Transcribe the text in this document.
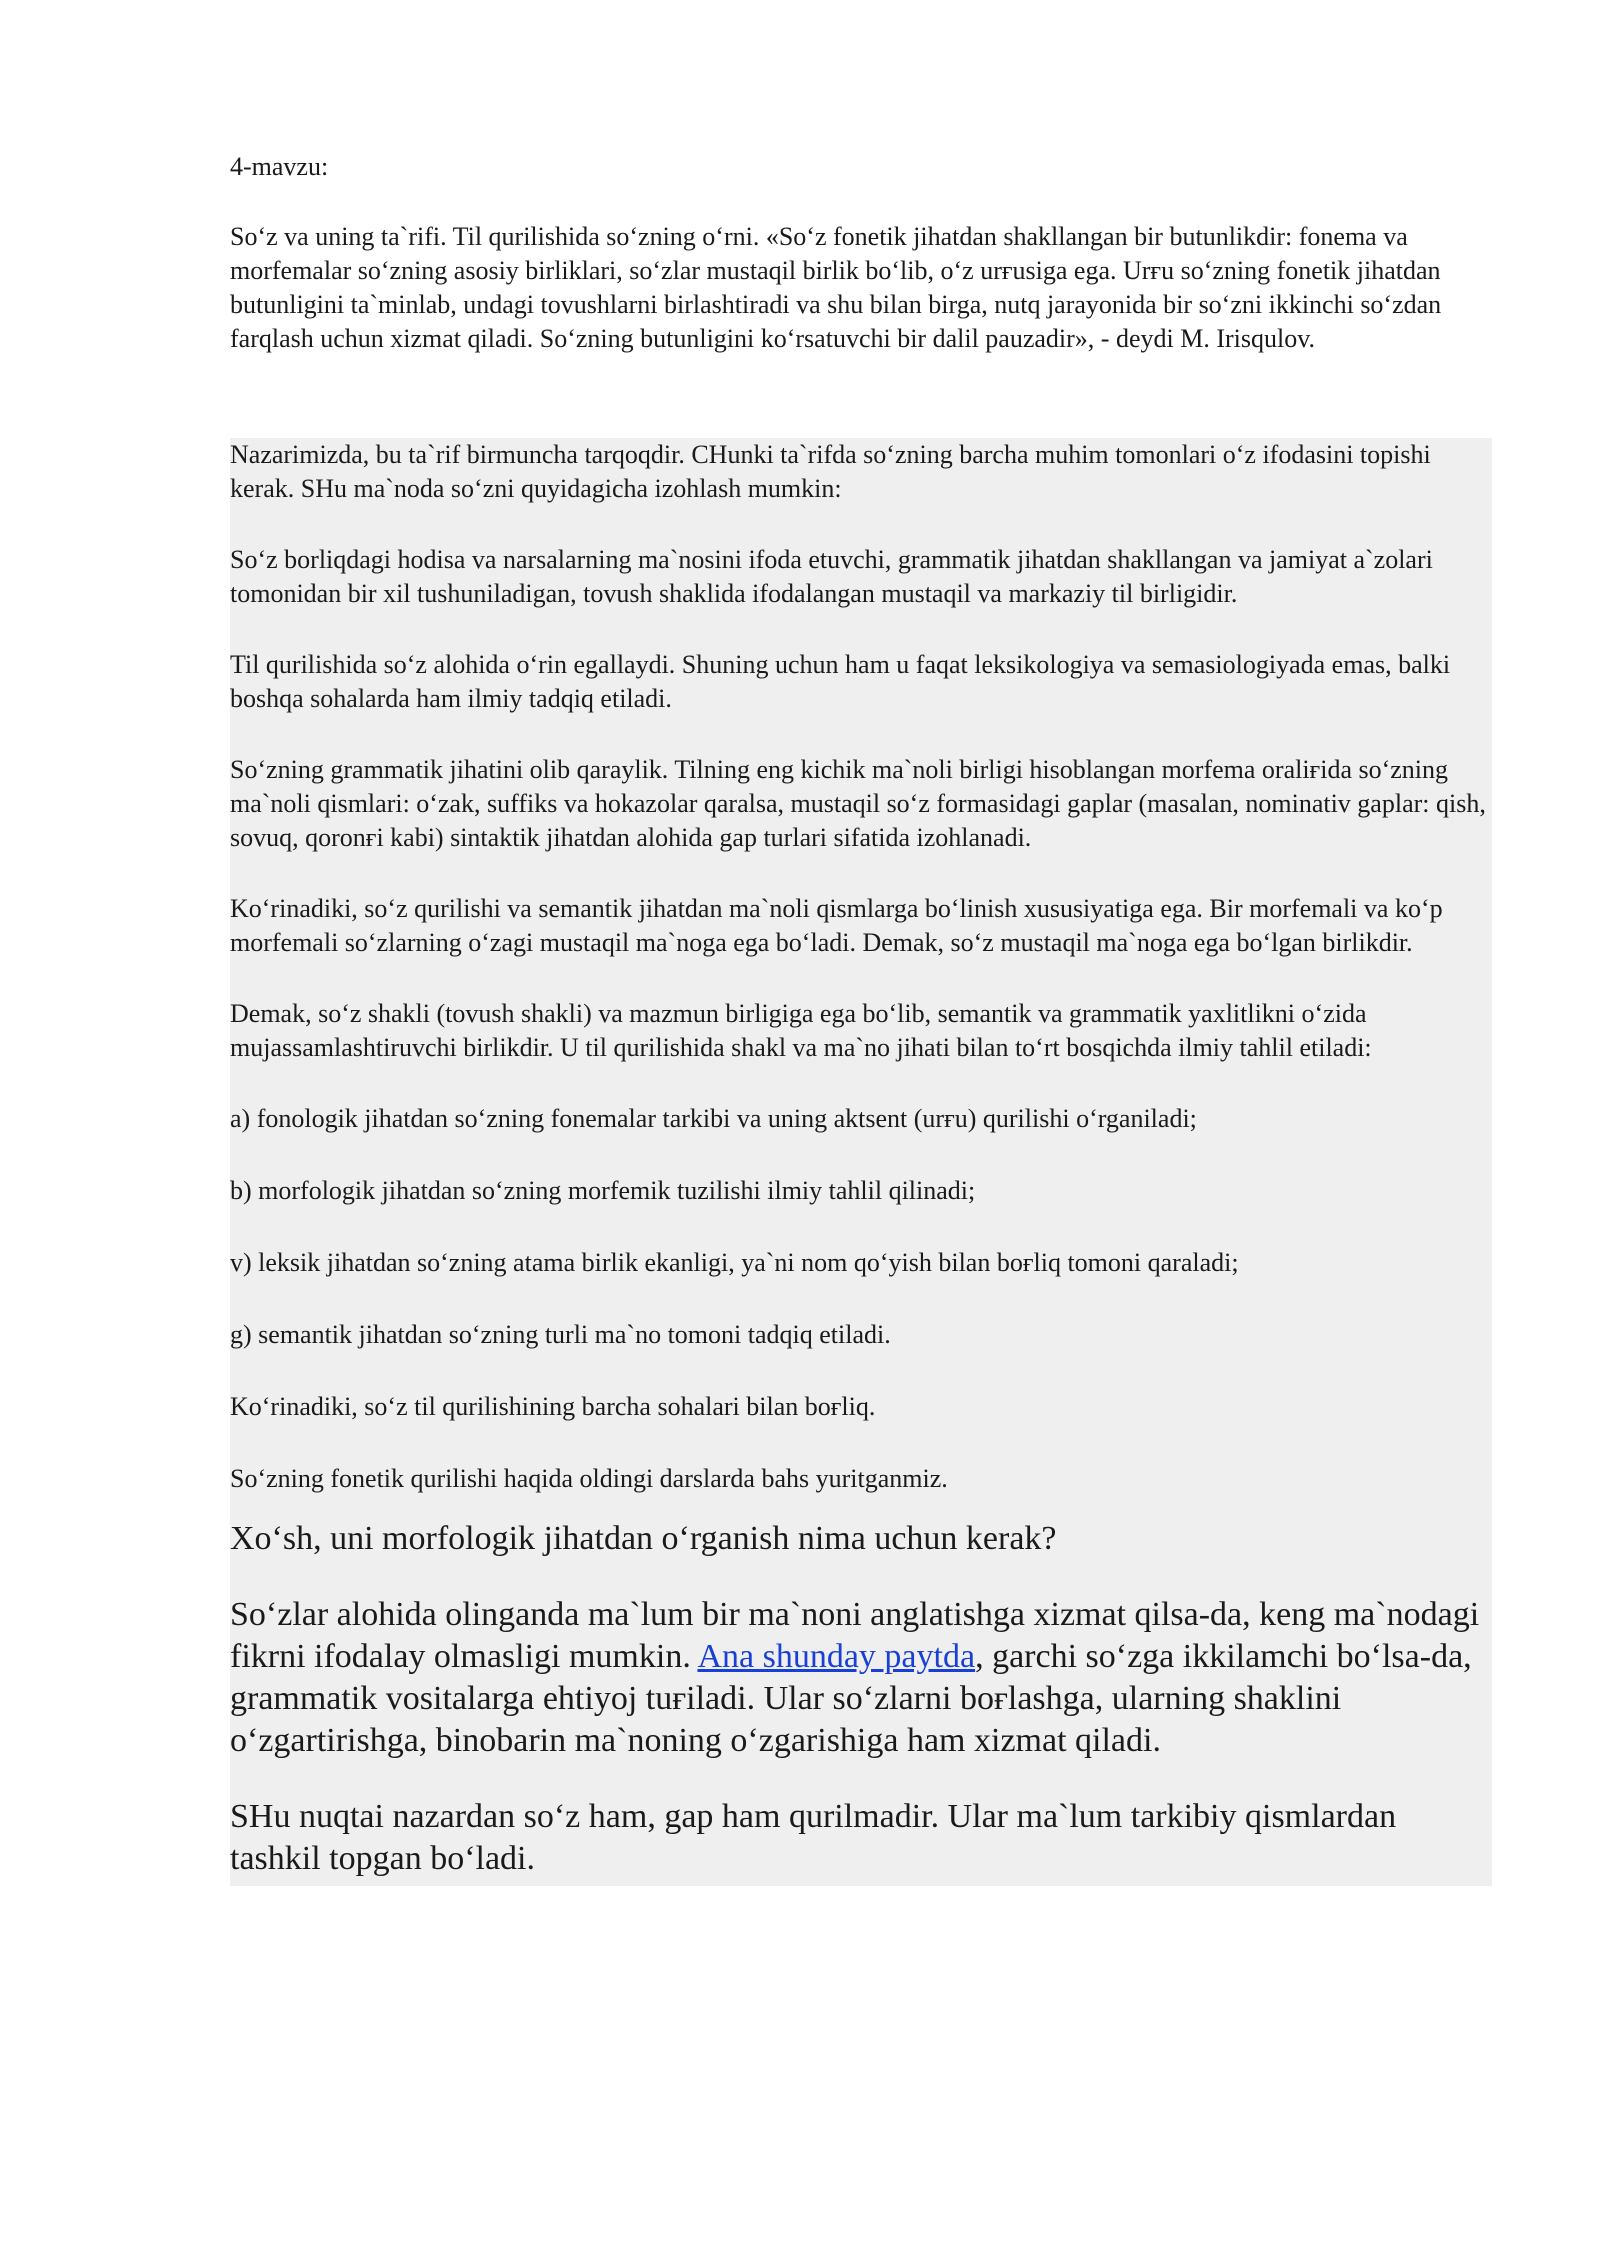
4-mavzu:

So‘z va uning ta`rifi. Til qurilishida so‘zning o‘rni. «So‘z fonetik jihatdan shakllangan bir butunlikdir: fonema va morfemalar so‘zning asosiy birliklari, so‘zlar mustaqil birlik bo‘lib, o‘z urғusiga ega. Urғu so‘zning fonetik jihatdan butunligini ta`minlab, undagi tovushlarni birlashtiradi va shu bilan birga, nutq jarayonida bir so‘zni ikkinchi so‘zdan farqlash uchun xizmat qiladi. So‘zning butunligini ko‘rsatuvchi bir dalil pauzadir», - deydi M. Irisqulov.

Nazarimizda, bu ta`rif birmuncha tarqoqdir. CHunki ta`rifda so‘zning barcha muhim tomonlari o‘z ifodasini topishi kerak. SHu ma`noda so‘zni quyidagicha izohlash mumkin:

So‘z borliqdagi hodisa va narsalarning ma`nosini ifoda etuvchi, grammatik jihatdan shakllangan va jamiyat a`zolari tomonidan bir xil tushuniladigan, tovush shaklida ifodalangan mustaqil va markaziy til birligidir.

Til qurilishida so‘z alohida o‘rin egallaydi. Shuning uchun ham u faqat leksikologiya va semasiologiyada emas, balki boshqa sohalarda ham ilmiy tadqiq etiladi.

So‘zning grammatik jihatini olib qaraylik. Tilning eng kichik ma`noli birligi hisoblangan morfema oraliғida so‘zning ma`noli qismlari: o‘zak, suffiks va hokazolar qaralsa, mustaqil so‘z formasidagi gaplar (masalan, nominativ gaplar: qish, sovuq, qoronғi kabi) sintaktik jihatdan alohida gap turlari sifatida izohlanadi.

Ko‘rinadiki, so‘z qurilishi va semantik jihatdan ma`noli qismlarga bo‘linish xususiyatiga ega. Bir morfemali va ko‘p morfemali so‘zlarning o‘zagi mustaqil ma`noga ega bo‘ladi. Demak, so‘z mustaqil ma`noga ega bo‘lgan birlikdir.

Demak, so‘z shakli (tovush shakli) va mazmun birligiga ega bo‘lib, semantik va grammatik yaxlitlikni o‘zida mujassamlashtiruvchi birlikdir. U til qurilishida shakl va ma`no jihati bilan to‘rt bosqichda ilmiy tahlil etiladi:

a) fonologik jihatdan so‘zning fonemalar tarkibi va uning aktsent (urғu) qurilishi o‘rganiladi;

b) morfologik jihatdan so‘zning morfemik tuzilishi ilmiy tahlil qilinadi;

v) leksik jihatdan so‘zning atama birlik ekanligi, ya`ni nom qo‘yish bilan boғliq tomoni qaraladi;

g) semantik jihatdan so‘zning turli ma`no tomoni tadqiq etiladi.

Ko‘rinadiki, so‘z til qurilishining barcha sohalari bilan boғliq.

So‘zning fonetik qurilishi haqida oldingi darslarda bahs yuritganmiz.

Xo‘sh, uni morfologik jihatdan o‘rganish nima uchun kerak?

So‘zlar alohida olinganda ma`lum bir ma`noni anglatishga xizmat qilsa-da, keng ma`nodagi fikrni ifodalay olmasligi mumkin. Ana shunday paytda, garchi so‘zga ikkilamchi bo‘lsa-da, grammatik vositalarga ehtiyoj tuғiladi. Ular so‘zlarni boғlashga, ularning shaklini o‘zgartirishga, binobarin ma`noning o‘zgarishiga ham xizmat qiladi.

SHu nuqtai nazardan so‘z ham, gap ham qurilmadir. Ular ma`lum tarkibiy qismlardan tashkil topgan bo‘ladi.
